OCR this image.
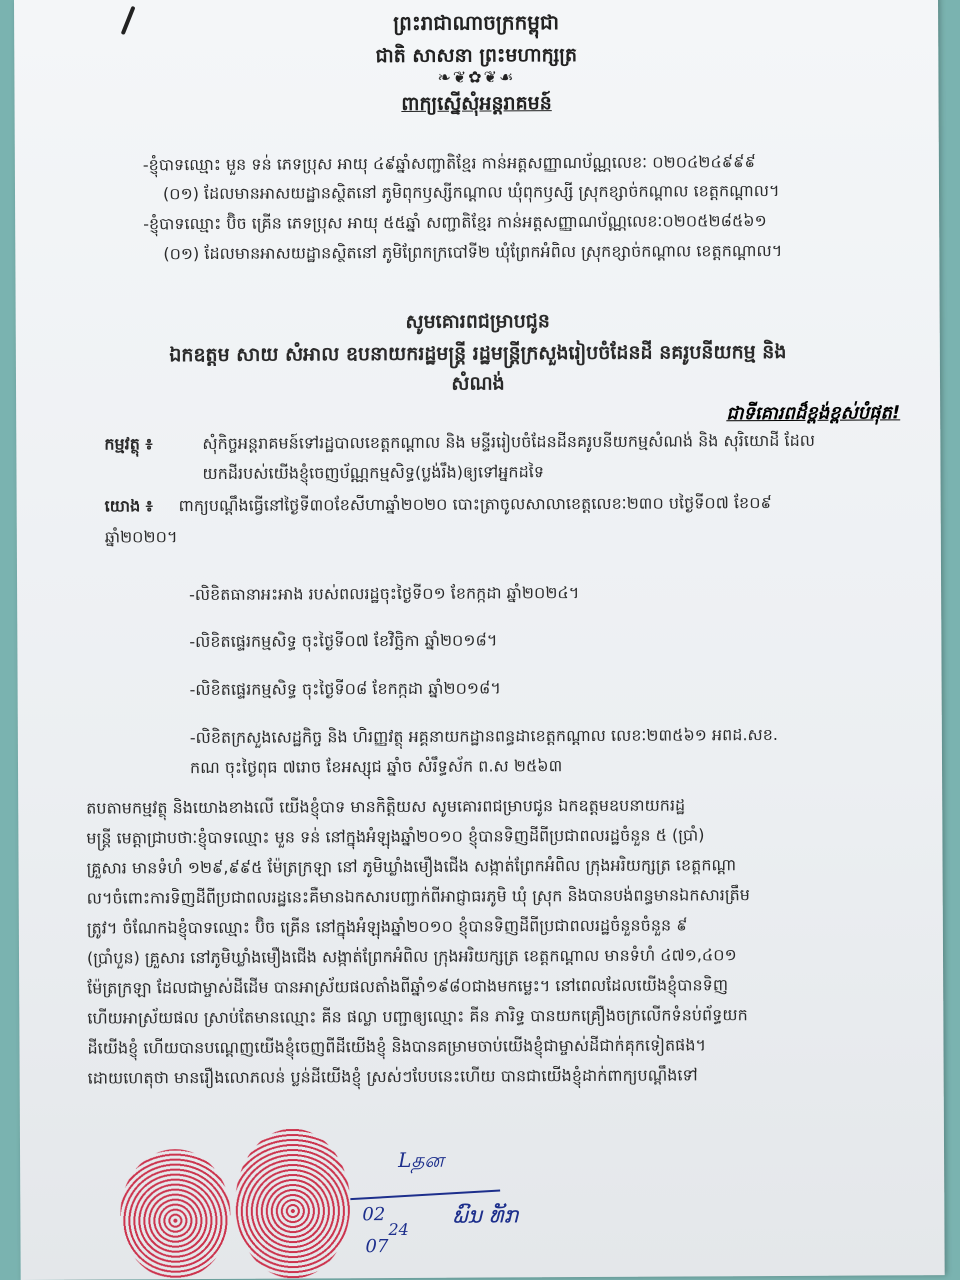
ព្រះរាជាណាចក្រកម្ពុជា
ជាតិ សាសនា ព្រះមហាក្សត្រ
❧❦✿❦☙
ពាក្យស្នើសុំអន្តរាគមន៍
-ខ្ញុំបាទឈ្មោះ មួន ទន់ ភេទប្រុស អាយុ ៤៩ឆ្នាំសញ្ជាតិខ្មែរ កាន់អត្តសញ្ញាណប័ណ្ណលេខៈ ០២០៤២៤៩៩៩
(០១) ដែលមានអាសយដ្ឋានស្ថិតនៅ ភូមិពុកឫស្សីកណ្តាល ឃុំពុកឫស្សី ស្រុកខ្សាច់កណ្តាល ខេត្តកណ្តាល។
-ខ្ញុំបាទឈ្មោះ ប៊ិច គ្រើន ភេទប្រុស អាយុ ៥៥ឆ្នាំ សញ្ជាតិខ្មែរ កាន់អត្តសញ្ញាណប័ណ្ណលេខៈ០២០៥២៨៥៦១
(០១) ដែលមានអាសយដ្ឋានស្ថិតនៅ ភូមិព្រែកក្របៅទី២ ឃុំព្រែកអំពិល ស្រុកខ្សាច់កណ្តាល ខេត្តកណ្តាល។
សូមគោរពជម្រាបជូន
ឯកឧត្តម សាយ សំអាល ឧបនាយករដ្ឋមន្ត្រី រដ្ឋមន្ត្រីក្រសួងរៀបចំដែនដី នគរូបនីយកម្ម និង
សំណង់
ជាទីគោរពដ៏ខ្ពង់ខ្ពស់បំផុត!
កម្មវត្ថុ ៖	សុំកិច្ចអន្តរាគមន៍ទៅរដ្ឋបាលខេត្តកណ្តាល និង មន្ទីររៀបចំដែនដីនគរូបនីយកម្មសំណង់ និង សុរិយោដី ដែល
យកដីរបស់យើងខ្ញុំចេញប័ណ្ណកម្មសិទ្ធ(ប្លង់រឹង)ឲ្យទៅអ្នកដទៃ
យោង ៖ ពាក្យបណ្តឹងធ្វើនៅថ្ងៃទី៣០ខែសីហាឆ្នាំ២០២០ បោះត្រាចូលសាលាខេត្តលេខៈ២៣០ បថ្ងៃទី០៧ ខែ០៩
ឆ្នាំ២០២០។
-លិខិតធានាអះអាង របស់ពលរដ្ឋចុះថ្ងៃទី០១ ខែកក្កដា ឆ្នាំ២០២៤។
-លិខិតផ្ទេរកម្មសិទ្ធ ចុះថ្ងៃទី០៧ ខែវិច្ឆិកា ឆ្នាំ២០១៨។
-លិខិតផ្ទេរកម្មសិទ្ធ ចុះថ្ងៃទី០៨ ខែកក្កដា ឆ្នាំ២០១៨។
-លិខិតក្រសួងសេដ្ឋកិច្ច និង ហិរញ្ញវត្ថុ អគ្គនាយកដ្ឋានពន្ធដាខេត្តកណ្តាល លេខៈ២៣៥៦១ អពដ.សខ.
កណ ចុះថ្ងៃពុធ ៧រោច ខែអស្សុជ ឆ្នាំច សំរឹទ្ធស័ក ព.ស ២៥៦៣
តបតាមកម្មវត្ថុ និងយោងខាងលើ យើងខ្ញុំបាទ មានកិត្តិយស សូមគោរពជម្រាបជូន ឯកឧត្តមឧបនាយករដ្ឋ
មន្ត្រី មេត្តាជ្រាបថាៈខ្ញុំបាទឈ្មោះ មួន ទន់ នៅក្នុងអំឡុងឆ្នាំ២០១០ ខ្ញុំបានទិញដីពីប្រជាពលរដ្ឋចំនួន ៥ (ប្រាំ)
គ្រួសារ មានទំហំ ១២៩,៩៩៥ ម៉ែត្រក្រឡា នៅ ភូមិឃ្លាំងមឿងជើង សង្កាត់ព្រែកអំពិល ក្រុងអរិយក្សត្រ ខេត្តកណ្តា
ល។ចំពោះការទិញដីពីប្រជាពលរដ្ឋនេះគឺមានឯកសារបញ្ជាក់ពីអាជ្ញាធរភូមិ ឃុំ ស្រុក និងបានបង់ពន្ធមានឯកសារត្រឹម
ត្រូវ។ ចំណែកឯខ្ញុំបាទឈ្មោះ ប៊ិច គ្រើន នៅក្នុងអំឡុងឆ្នាំ២០១០ ខ្ញុំបានទិញដីពីប្រជាពលរដ្ឋចំនួនចំនួន ៩
(ប្រាំបួន) គ្រួសារ នៅភូមិឃ្លាំងមឿងជើង សង្កាត់ព្រែកអំពិល ក្រុងអរិយក្សត្រ ខេត្តកណ្តាល មានទំហំ ៤៧១,៤០១
ម៉ែត្រក្រឡា ដែលជាម្ចាស់ដីដើម បានអាស្រ័យផលតាំងពីឆ្នាំ១៩៨០ជាងមកម្លេះ។ នៅពេលដែលយើងខ្ញុំបានទិញ
ហើយអាស្រ័យផល ស្រាប់តែមានឈ្មោះ គីន ផល្លា បញ្ជាឲ្យឈ្មោះ គីន ភារិទ្ធ បានយកគ្រឿងចក្រលើកទំនប់ព័ទ្ធយក
ដីយើងខ្ញុំ ហើយបានបណ្តេញយើងខ្ញុំចេញពីដីយើងខ្ញុំ និងបានគម្រាមចាប់យើងខ្ញុំជាម្ចាស់ដីជាក់គុកទៀតផង។
ដោយហេតុថា មានរឿងលោភលន់ ប្លន់ដីយើងខ្ញុំ ស្រស់ៗបែបនេះហើយ បានជាយើងខ្ញុំដាក់ពាក្យបណ្តឹងទៅ
Lதன
02
07
24
ພົນ ທັກ
